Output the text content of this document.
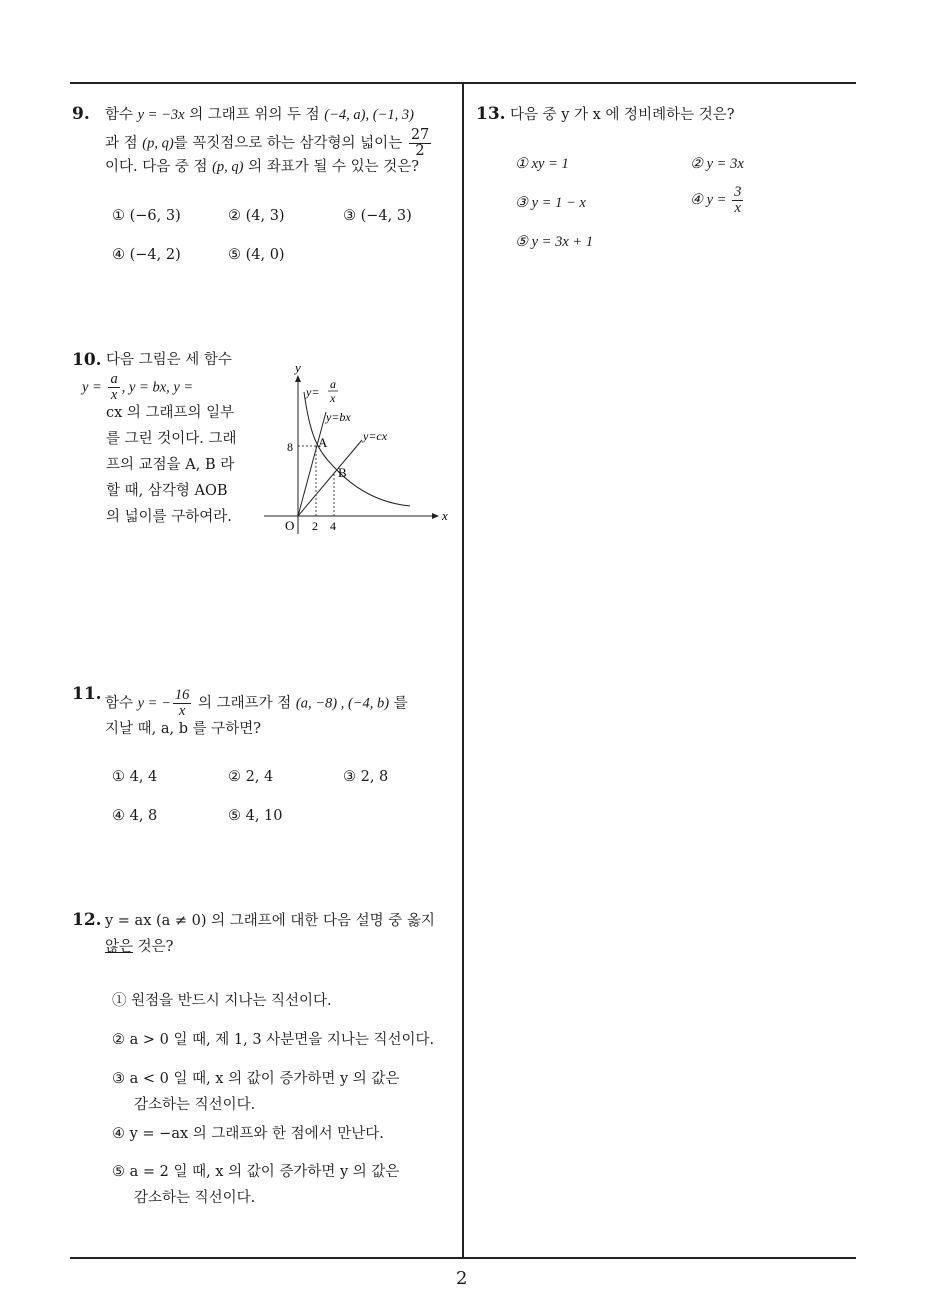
9. 함수 y = −3x 의 그래프 위의 두 점 (−4, a), (−1, 3)
과 점 (p, q)를 꼭짓점으로 하는 삼각형의 넓이는 $\frac{27}{2}$
이다. 다음 중 점 (p, q) 의 좌표가 될 수 있는 것은?
① (−6, 3)	② (4, 3)	③ (−4, 3)
④ (−4, 2)	⑤ (4, 0)
10. 다음 그림은 세 함수
$y = \frac{a}{x}$ , y = bx, y =
cx 의 그래프의 일부
를 그린 것이다. 그래
프의 교점을 A, B 라
할 때, 삼각형 AOB
의 넓이를 구하여라.
y
x
O
y=
a
x
y=bx
y=cx
A
B
8
2 4
11. 함수 y = − $\frac{16}{x}$ 의 그래프가 점 (a, −8) , (−4, b) 를
지날 때, a, b 를 구하면?
① 4, 4	② 2, 4	③ 2, 8
④ 4, 8	⑤ 4, 10
12. y = ax (a ≠ 0) 의 그래프에 대한 다음 설명 중 옳지
않은 것은?
① 원점을 반드시 지나는 직선이다.
② a > 0 일 때, 제 1, 3 사분면을 지나는 직선이다.
③ a < 0 일 때, x 의 값이 증가하면 y 의 값은
감소하는 직선이다.
④ y = −ax 의 그래프와 한 점에서 만난다.
⑤ a = 2 일 때, x 의 값이 증가하면 y 의 값은
감소하는 직선이다.
13. 다음 중 y 가 x 에 정비례하는 것은?
① xy = 1	② y = 3x
③ y = 1 − x	④ $y = \frac{3}{x}$
⑤ y = 3x + 1
2
